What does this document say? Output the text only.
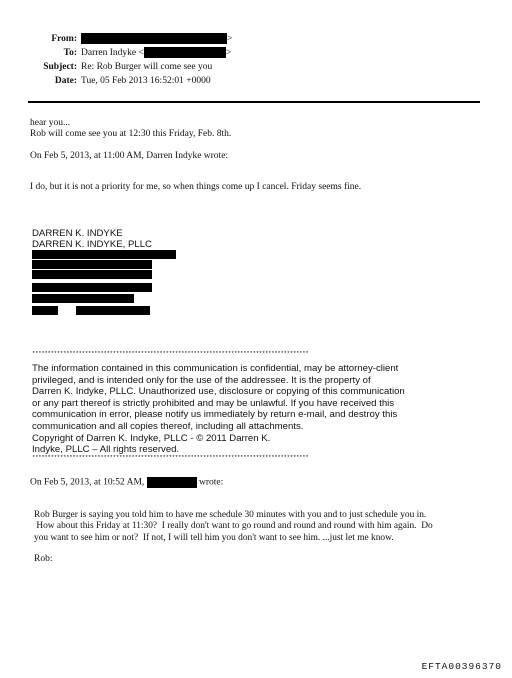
From:	>
To: Darren Indyke <	>
Subject: Re: Rob Burger will come see you
Date: Tue, 05 Feb 2013 16:52:01 +0000
hear you...
Rob will come see you at 12:30 this Friday, Feb. 8th.
On Feb 5, 2013, at 11:00 AM, Darren Indyke wrote:
I do, but it is not a priority for me, so when things come up I cancel. Friday seems fine.
DARREN K. INDYKE
DARREN K. INDYKE, PLLC
*****************************************************************************************
The information contained in this communication is confidential, may be attorney-client
privileged, and is intended only for the use of the addressee. It is the property of
Darren K. Indyke, PLLC. Unauthorized use, disclosure or copying of this communication
or any part thereof is strictly prohibited and may be unlawful. If you have received this
communication in error, please notify us immediately by return e-mail, and destroy this
communication and all copies thereof, including all attachments.
Copyright of Darren K. Indyke, PLLC - © 2011 Darren K.
Indyke, PLLC – All rights reserved.
*****************************************************************************************
On Feb 5, 2013, at 10:52 AM,	wrote:
Rob Burger is saying you told him to have me schedule 30 minutes with you and to just schedule you in.
How about this Friday at 11:30?  I really don't want to go round and round and round with him again.  Do
you want to see him or not?  If not, I will tell him you don't want to see him. ...just let me know.
Rob:
EFTA00396370
